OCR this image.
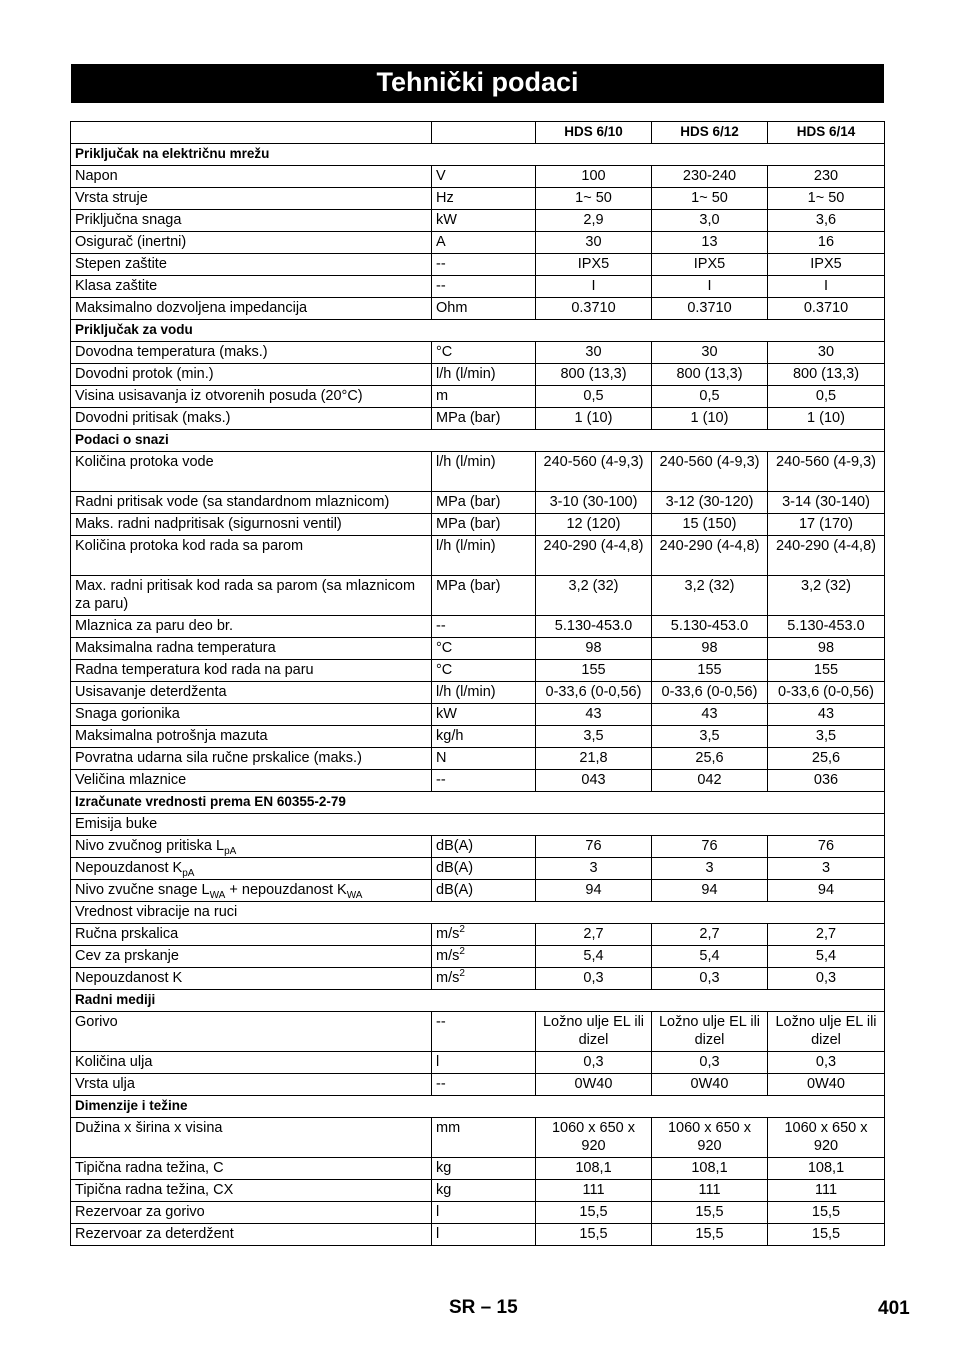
Tehnički podaci
		HDS 6/10	HDS 6/12	HDS 6/14
Priključak na električnu mrežu				
Napon	V	100	230-240	230
Vrsta struje	Hz	1~ 50	1~ 50	1~ 50
Priključna snaga	kW	2,9	3,0	3,6
Osigurač (inertni)	A	30	13	16
Stepen zaštite	--	IPX5	IPX5	IPX5
Klasa zaštite	--	I	I	I
Maksimalno dozvoljena impedancija	Ohm	0.3710	0.3710	0.3710
Priključak za vodu				
Dovodna temperatura (maks.)	°C	30	30	30
Dovodni protok (min.)	l/h (l/min)	800 (13,3)	800 (13,3)	800 (13,3)
Visina usisavanja iz otvorenih posuda (20°C)	m	0,5	0,5	0,5
Dovodni pritisak (maks.)	MPa (bar)	1 (10)	1 (10)	1 (10)
Podaci o snazi				
Količina protoka vode	l/h (l/min)	240-560 (4-9,3)	240-560 (4-9,3)	240-560 (4-9,3)
Radni pritisak vode (sa standardnom mlaznicom)	MPa (bar)	3-10 (30-100)	3-12 (30-120)	3-14 (30-140)
Maks. radni nadpritisak (sigurnosni ventil)	MPa (bar)	12 (120)	15 (150)	17 (170)
Količina protoka kod rada sa parom	l/h (l/min)	240-290 (4-4,8)	240-290 (4-4,8)	240-290 (4-4,8)
Max. radni pritisak kod rada sa parom (sa mlaznicom za paru)	MPa (bar)	3,2 (32)	3,2 (32)	3,2 (32)
Mlaznica za paru deo br.	--	5.130-453.0	5.130-453.0	5.130-453.0
Maksimalna radna temperatura	°C	98	98	98
Radna temperatura kod rada na paru	°C	155	155	155
Usisavanje deterdženta	l/h (l/min)	0-33,6 (0-0,56)	0-33,6 (0-0,56)	0-33,6 (0-0,56)
Snaga gorionika	kW	43	43	43
Maksimalna potrošnja mazuta	kg/h	3,5	3,5	3,5
Povratna udarna sila ručne prskalice (maks.)	N	21,8	25,6	25,6
Veličina mlaznice	--	043	042	036
Izračunate vrednosti prema EN 60355-2-79				
Emisija buke				
Nivo zvučnog pritiska $L_{pA}$	dB(A)	76	76	76
Nepouzdanost $K_{pA}$	dB(A)	3	3	3
Nivo zvučne snage $L_{WA}$ + nepouzdanost $K_{WA}$	dB(A)	94	94	94
Vrednost vibracije na ruci				
Ručna prskalica	$m/s^2$	2,7	2,7	2,7
Cev za prskanje	$m/s^2$	5,4	5,4	5,4
Nepouzdanost K	$m/s^2$	0,3	0,3	0,3
Radni mediji				
Gorivo	--	Ložno ulje EL ili dizel	Ložno ulje EL ili dizel	Ložno ulje EL ili dizel
Količina ulja	l	0,3	0,3	0,3
Vrsta ulja	--	0W40	0W40	0W40
Dimenzije i težine				
Dužina x širina x visina	mm	1060 x 650 x 920	1060 x 650 x 920	1060 x 650 x 920
Tipična radna težina, C	kg	108,1	108,1	108,1
Tipična radna težina, CX	kg	111	111	111
Rezervoar za gorivo	l	15,5	15,5	15,5
Rezervoar za deterdžent	l	15,5	15,5	15,5
SR – 15	401
